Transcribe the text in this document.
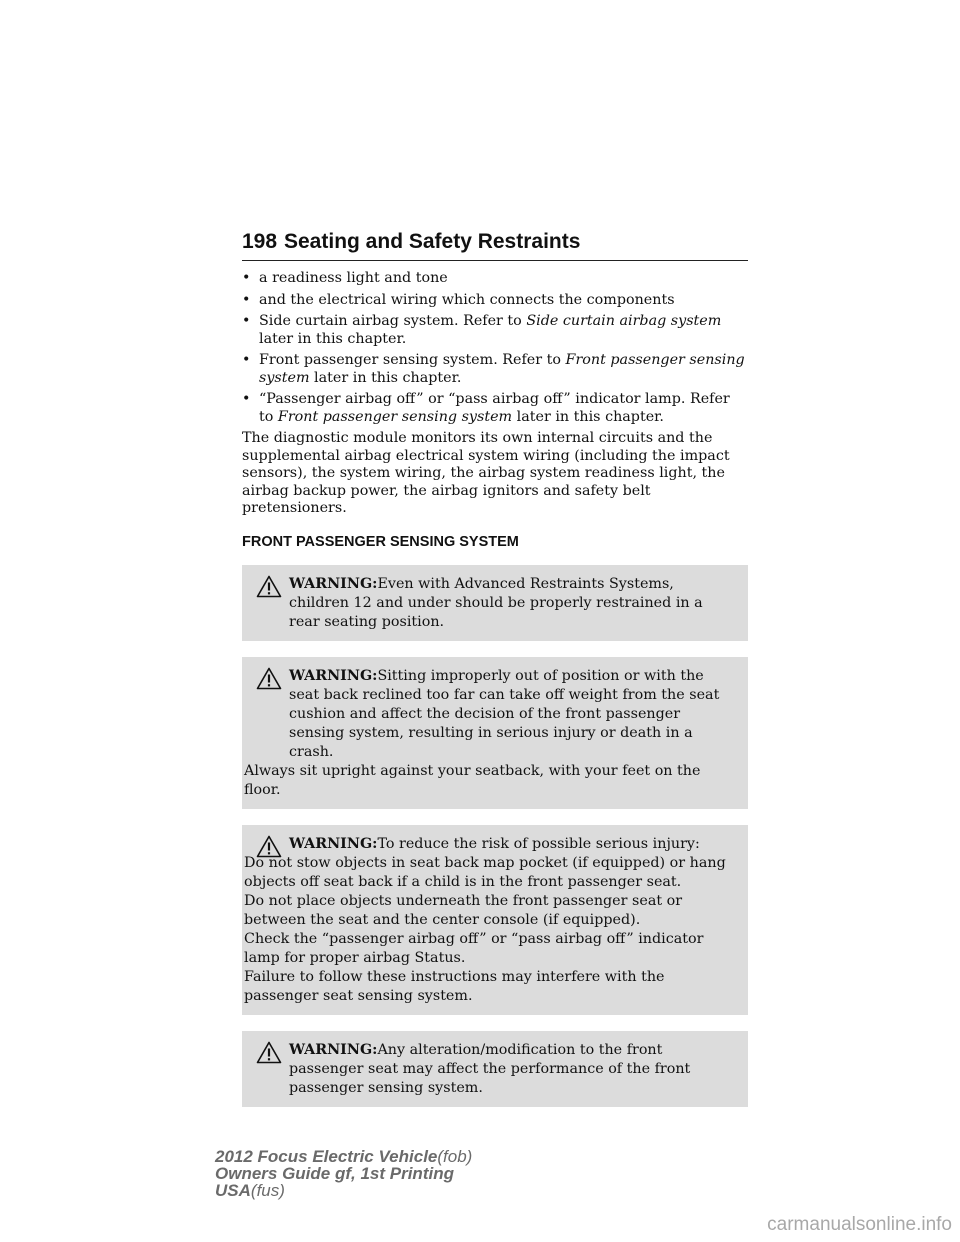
198 Seating and Safety Restraints
• a readiness light and tone
• and the electrical wiring which connects the components
• Side curtain airbag system. Refer to Side curtain airbag system later in this chapter.
• Front passenger sensing system. Refer to Front passenger sensing system later in this chapter.
• “Passenger airbag off” or “pass airbag off” indicator lamp. Refer to Front passenger sensing system later in this chapter.

The diagnostic module monitors its own internal circuits and the supplemental airbag electrical system wiring (including the impact sensors), the system wiring, the airbag system readiness light, the airbag backup power, the airbag ignitors and safety belt pretensioners.

FRONT PASSENGER SENSING SYSTEM
WARNING:Even with Advanced Restraints Systems, children 12 and under should be properly restrained in a rear seating position.
WARNING:Sitting improperly out of position or with the seat back reclined too far can take off weight from the seat cushion and affect the decision of the front passenger sensing system, resulting in serious injury or death in a crash.
Always sit upright against your seatback, with your feet on the floor.
WARNING:To reduce the risk of possible serious injury:
Do not stow objects in seat back map pocket (if equipped) or hang objects off seat back if a child is in the front passenger seat.
Do not place objects underneath the front passenger seat or between the seat and the center console (if equipped).
Check the “passenger airbag off” or “pass airbag off” indicator lamp for proper airbag Status.
Failure to follow these instructions may interfere with the passenger seat sensing system.
WARNING:Any alteration/modification to the front passenger seat may affect the performance of the front passenger sensing system.
2012 Focus Electric Vehicle(fob)
Owners Guide gf, 1st Printing
USA(fus)
carmanualsonline.info
